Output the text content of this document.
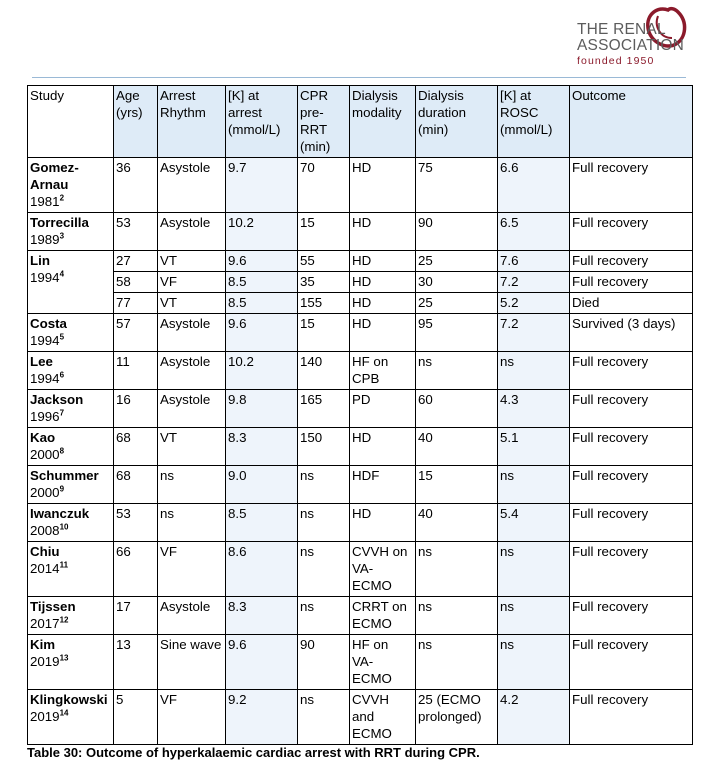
THE RENAL
ASSOCIATION
founded 1950
Study	Age (yrs)	Arrest Rhythm	[K] at arrest (mmol/L)	CPR pre-RRT (min)	Dialysis modality	Dialysis duration (min)	[K] at ROSC (mmol/L)	Outcome
Gomez-Arnau
1981$^2$	36	Asystole	9.7	70	HD	75	6.6	Full recovery
Torrecilla
1989$^3$	53	Asystole	10.2	15	HD	90	6.5	Full recovery
Lin
1994$^4$	27	VT	9.6	55	HD	25	7.6	Full recovery
	58	VF	8.5	35	HD	30	7.2	Full recovery
	77	VT	8.5	155	HD	25	5.2	Died
Costa
1994$^5$	57	Asystole	9.6	15	HD	95	7.2	Survived (3 days)
Lee
1994$^6$	11	Asystole	10.2	140	HF on CPB	ns	ns	Full recovery
Jackson
1996$^7$	16	Asystole	9.8	165	PD	60	4.3	Full recovery
Kao
2000$^8$	68	VT	8.3	150	HD	40	5.1	Full recovery
Schummer
2000$^9$	68	ns	9.0	ns	HDF	15	ns	Full recovery
Iwanczuk
2008$^{10}$	53	ns	8.5	ns	HD	40	5.4	Full recovery
Chiu
2014$^{11}$	66	VF	8.6	ns	CVVH on VA-ECMO	ns	ns	Full recovery
Tijssen
2017$^{12}$	17	Asystole	8.3	ns	CRRT on ECMO	ns	ns	Full recovery
Kim
2019$^{13}$	13	Sine wave	9.6	90	HF on VA-ECMO	ns	ns	Full recovery
Klingkowski
2019$^{14}$	5	VF	9.2	ns	CVVH and ECMO	25 (ECMO prolonged)	4.2	Full recovery
Table 30: Outcome of hyperkalaemic cardiac arrest with RRT during CPR.
